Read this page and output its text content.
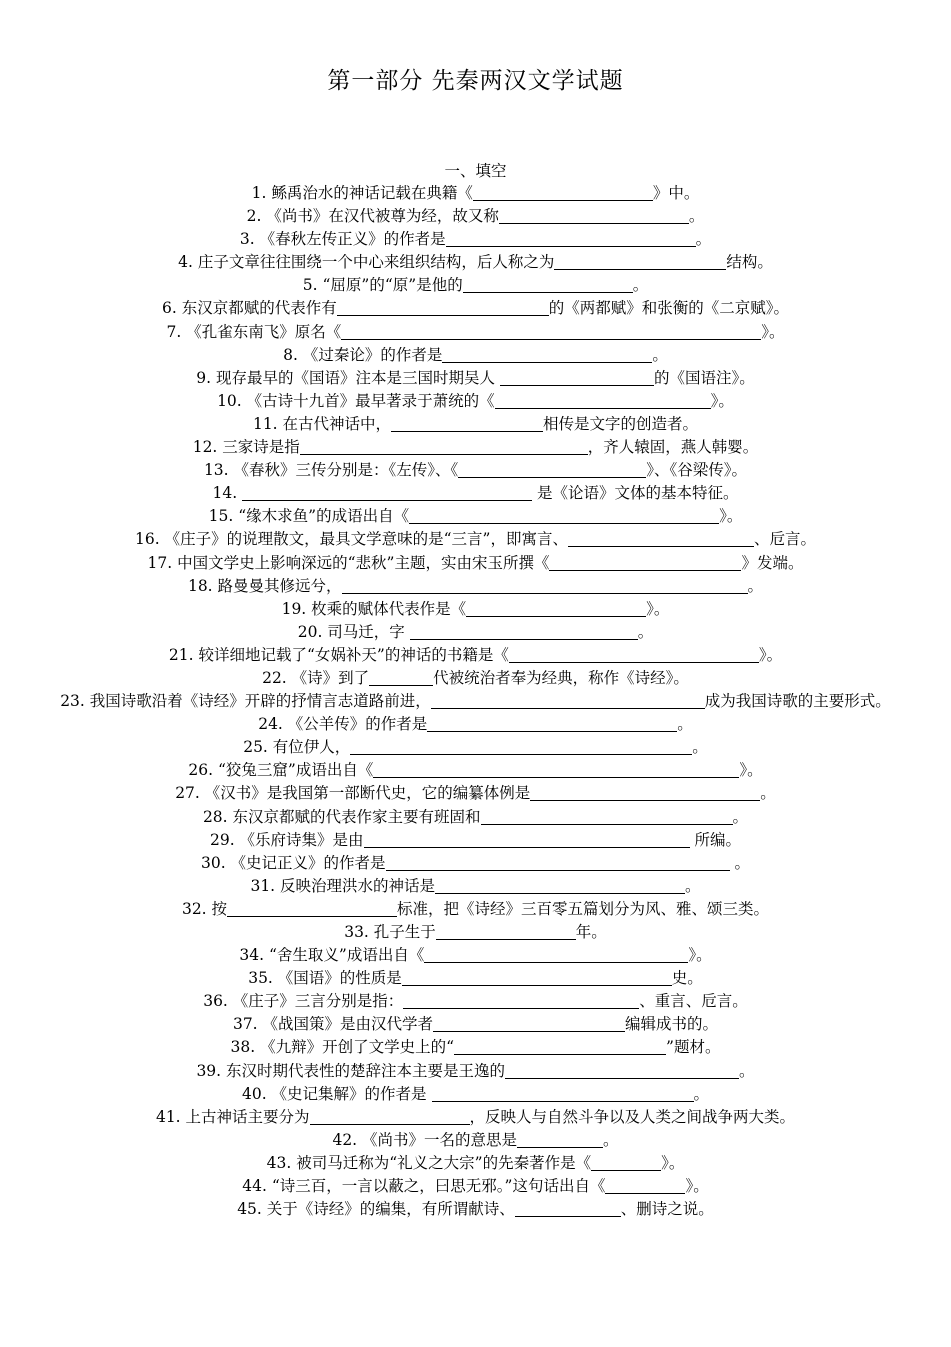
第一部分 先秦两汉文学试题
一、填空
1. 鲧禹治水的神话记载在典籍《	》中。
2. 《尚书》在汉代被尊为经，故又称	。
3. 《春秋左传正义》的作者是	。
4. 庄子文章往往围绕一个中心来组织结构，后人称之为	结构。
5. “屈原”的“原”是他的	。
6. 东汉京都赋的代表作有	的《两都赋》和张衡的《二京赋》。
7. 《孔雀东南飞》原名《	》。
8. 《过秦论》的作者是	。
9. 现存最早的《国语》注本是三国时期吴人	的《国语注》。
10. 《古诗十九首》最早著录于萧统的《	》。
11. 在古代神话中，	相传是文字的创造者。
12. 三家诗是指	，齐人辕固，燕人韩婴。
13. 《春秋》三传分别是：《左传》、《	》、《谷梁传》。
14.	是《论语》文体的基本特征。
15. “缘木求鱼”的成语出自《	》。
16. 《庄子》的说理散文，最具文学意味的是“三言”，即寓言、	、卮言。
17. 中国文学史上影响深远的“悲秋”主题，实由宋玉所撰《	》发端。
18. 路曼曼其修远兮，	。
19. 枚乘的赋体代表作是《	》。
20. 司马迁，字	。
21. 较详细地记载了“女娲补天”的神话的书籍是《	》。
22. 《诗》到了	代被统治者奉为经典，称作《诗经》。
23. 我国诗歌沿着《诗经》开辟的抒情言志道路前进，	成为我国诗歌的主要形式。
24. 《公羊传》的作者是	。
25. 有位伊人，	。
26. “狡兔三窟”成语出自《	》。
27. 《汉书》是我国第一部断代史，它的编纂体例是	。
28. 东汉京都赋的代表作家主要有班固和	。
29. 《乐府诗集》是由	所编。
30. 《史记正义》的作者是	。
31. 反映治理洪水的神话是	。
32. 按	标准，把《诗经》三百零五篇划分为风、雅、颂三类。
33. 孔子生于	年。
34. “舍生取义”成语出自《	》。
35. 《国语》的性质是	史。
36. 《庄子》三言分别是指：	、重言、卮言。
37. 《战国策》是由汉代学者	编辑成书的。
38. 《九辩》开创了文学史上的“	”题材。
39. 东汉时期代表性的楚辞注本主要是王逸的	。
40. 《史记集解》的作者是	。
41. 上古神话主要分为	，反映人与自然斗争以及人类之间战争两大类。
42. 《尚书》一名的意思是	。
43. 被司马迁称为“礼义之大宗”的先秦著作是《	》。
44. “诗三百，一言以蔽之，曰思无邪。”这句话出自《	》。
45. 关于《诗经》的编集，有所谓献诗、	、删诗之说。
